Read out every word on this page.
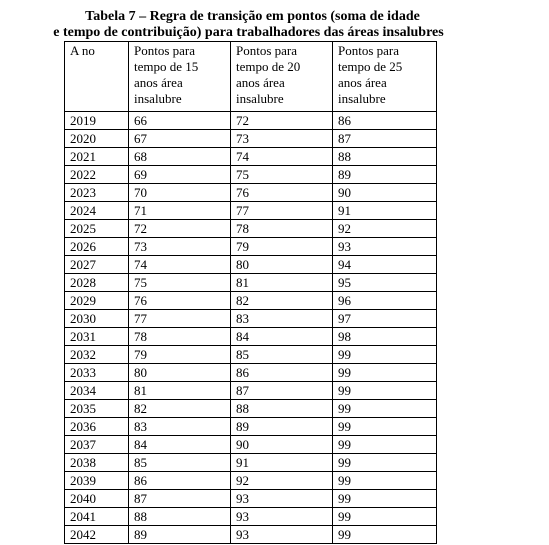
Tabela 7 – Regra de transição em pontos (soma de idade
e tempo de contribuição) para trabalhadores das áreas insalubres
A no	Pontos para
tempo de 15
anos área
insalubre	Pontos para
tempo de 20
anos área
insalubre	Pontos para
tempo de 25
anos área
insalubre

2019	66	72	86
2020	67	73	87
2021	68	74	88
2022	69	75	89
2023	70	76	90
2024	71	77	91
2025	72	78	92
2026	73	79	93
2027	74	80	94
2028	75	81	95
2029	76	82	96
2030	77	83	97
2031	78	84	98
2032	79	85	99
2033	80	86	99
2034	81	87	99
2035	82	88	99
2036	83	89	99
2037	84	90	99
2038	85	91	99
2039	86	92	99
2040	87	93	99
2041	88	93	99
2042	89	93	99
